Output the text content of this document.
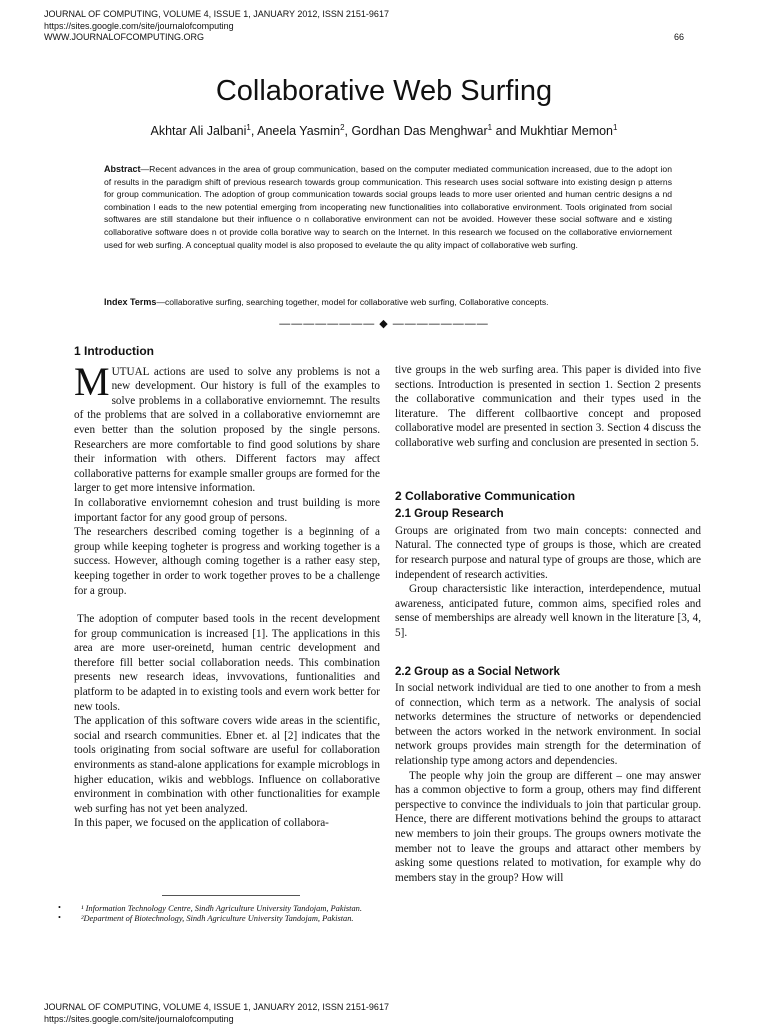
JOURNAL OF COMPUTING, VOLUME 4, ISSUE 1, JANUARY 2012, ISSN 2151-9617
https://sites.google.com/site/journalofcomputing
WWW.JOURNALOFCOMPUTING.ORG	66
Collaborative Web Surfing
Akhtar Ali Jalbani$^1$, Aneela Yasmin$^2$, Gordhan Das Menghwar$^1$ and Mukhtiar Memon$^1$
Abstract—Recent advances in the area of group communication, based on the computer mediated communication increased, due to the adopt ion of results in the paradigm shift of previous research towards group communication. This research uses social software into existing design p atterns for group communication. The adoption of group communication towards social groups leads to more user oriented and human centric designs a nd combination l eads to the new potential emerging from incoperating new functionalities into collaborative environment. Tools originated from social softwares are still standalone but their influence o n collaborative environment can not be avoided. However these social software and e xisting collaborative software does n ot provide colla borative way to search on the Internet. In this research we focused on the collaborative enviornement used for web surfing. A conceptual quality model is also proposed to evelaute the qu ality impact of collaborative web surfing.
Index Terms—collaborative surfing, searching together, model for collaborative web surfing, Collaborative concepts.
———————— ◆ ————————

1 Introduction

MUTUAL actions are used to solve any problems is not a new development. Our history is full of the examples to solve problems in a collaborative enviornemnt. The results of the problems that are solved in a collaborative enviornemnt are even better than the solution proposed by the single persons. Researchers are more comfortable to find good solutions by share their information with others. Different factors may affect collaborative patterns for example smaller groups are formed for the larger to get more intensive information.

In collaborative enviornemnt cohesion and trust building is more important factor for any good group of persons.

The researchers described coming together is a beginning of a group while keeping togheter is progress and working together is a success. However, although coming together is a rather easy step, keeping together in order to work together proves to be a challenge for a group.

The adoption of computer based tools in the recent development for group communication is increased [1]. The applications in this area are more user-oreinetd, human centric development and therefore fill better social collaboration needs. This combination presents new research ideas, invvovations, funtionalities and platform to be adapted in to existing tools and evern work better for new tools.

The application of this software covers wide areas in the scientific, social and rsearch communities. Ebner et. al [2] indicates that the tools originating from social software are useful for collaboration environments as stand-alone applications for example microblogs in higher education, wikis and webblogs. Influence on collaborative environment in combination with other functionalities for example web surfing has not yet been analyzed.

In this paper, we focused on the application of collabora-

tive groups in the web surfing area. This paper is divided into five sections. Introduction is presented in section 1. Section 2 presents the collaborative communication and their types used in the literature. The different collbaortive concept and proposed collaborative model are presented in section 3. Section 4 discuss the collaborative web surfing and conclusion are presented in section 5.

2 Collaborative Communication

2.1 Group Research

Groups are originated from two main concepts: connected and Natural. The connected type of groups is those, which are created for research purpose and natural type of groups are those, which are independent of research activities.

Group charactersistic like interaction, interdependence, mutual awareness, anticipated future, common aims, specified roles and sense of memberships are already well known in the literature [3, 4, 5].

2.2 Group as a Social Network

In social network individual are tied to one another to from a mesh of connection, which term as a network. The analysis of social networks determines the structure of networks or dependencied between the actors worked in the network environment. In social network groups provides main strength for the determination of relationship type among actors and dependencies.

The people why join the group are different – one may answer has a common objective to form a group, others may find different perspective to convince the individuals to join that particular group. Hence, there are different motivations behind the groups to attaract new members to join their groups. The groups owners motivate the member not to leave the groups and attaract other members by asking some questions related to motivation, for example why do members stay in the group? How will

• ¹ Information Technology Centre, Sindh Agriculture University Tandojam, Pakistan.
• ²Department of Biotechnology, Sindh Agriculture University Tandojam, Pakistan.
JOURNAL OF COMPUTING, VOLUME 4, ISSUE 1, JANUARY 2012, ISSN 2151-9617
https://sites.google.com/site/journalofcomputing
